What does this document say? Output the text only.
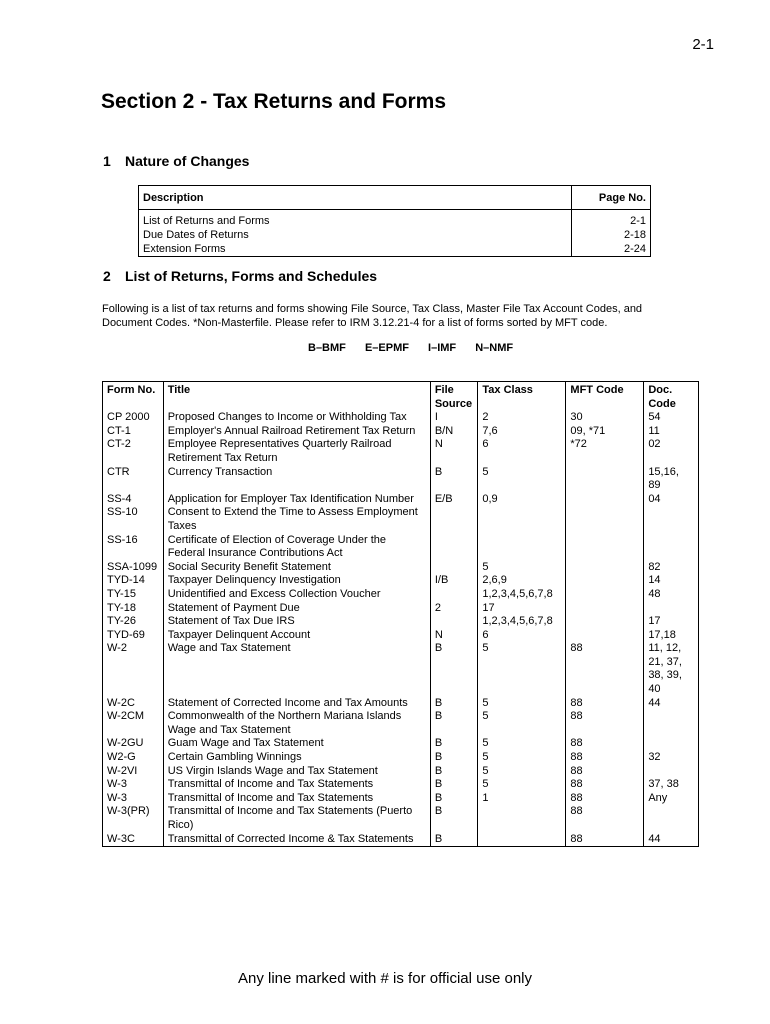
2-1
Section 2 - Tax Returns and Forms
1 Nature of Changes
Description	Page No.
List of Returns and Forms	2-1
Due Dates of Returns	2-18
Extension Forms	2-24
2 List of Returns, Forms and Schedules

Following is a list of tax returns and forms showing File Source, Tax Class, Master File Tax Account Codes, and Document Codes. *Non-Masterfile. Please refer to IRM 3.12.21-4 for a list of forms sorted by MFT code.

B–BMF E–EPMF I–IMF N–NMF
Form No.	Title	File Source	Tax Class	MFT Code	Doc. Code
CP 2000	Proposed Changes to Income or Withholding Tax	I	2	30	54
CT-1	Employer's Annual Railroad Retirement Tax Return	B/N	7,6	09, *71	11
CT-2	Employee Representatives Quarterly Railroad Retirement Tax Return	N	6	*72	02
CTR	Currency Transaction	B	5		15,16, 89
SS-4	Application for Employer Tax Identification Number	E/B	0,9		04
SS-10	Consent to Extend the Time to Assess Employment Taxes				
SS-16	Certificate of Election of Coverage Under the Federal Insurance Contributions Act				
SSA-1099	Social Security Benefit Statement		5		82
TYD-14	Taxpayer Delinquency Investigation	I/B	2,6,9		14
TY-15	Unidentified and Excess Collection Voucher		1,2,3,4,5,6,7,8		48
TY-18	Statement of Payment Due	2	17		
TY-26	Statement of Tax Due IRS		1,2,3,4,5,6,7,8		17
TYD-69	Taxpayer Delinquent Account	N	6		17,18
W-2	Wage and Tax Statement	B	5	88	11, 12, 21, 37, 38, 39, 40
W-2C	Statement of Corrected Income and Tax Amounts	B	5	88	44
W-2CM	Commonwealth of the Northern Mariana Islands Wage and Tax Statement	B	5	88	
W-2GU	Guam Wage and Tax Statement	B	5	88	
W2-G	Certain Gambling Winnings	B	5	88	32
W-2VI	US Virgin Islands Wage and Tax Statement	B	5	88	
W-3	Transmittal of Income and Tax Statements	B	5	88	37, 38
W-3	Transmittal of Income and Tax Statements	B	1	88	Any
W-3(PR)	Transmittal of Income and Tax Statements (Puerto Rico)	B		88	
W-3C	Transmittal of Corrected Income & Tax Statements	B		88	44
Any line marked with # is for official use only
